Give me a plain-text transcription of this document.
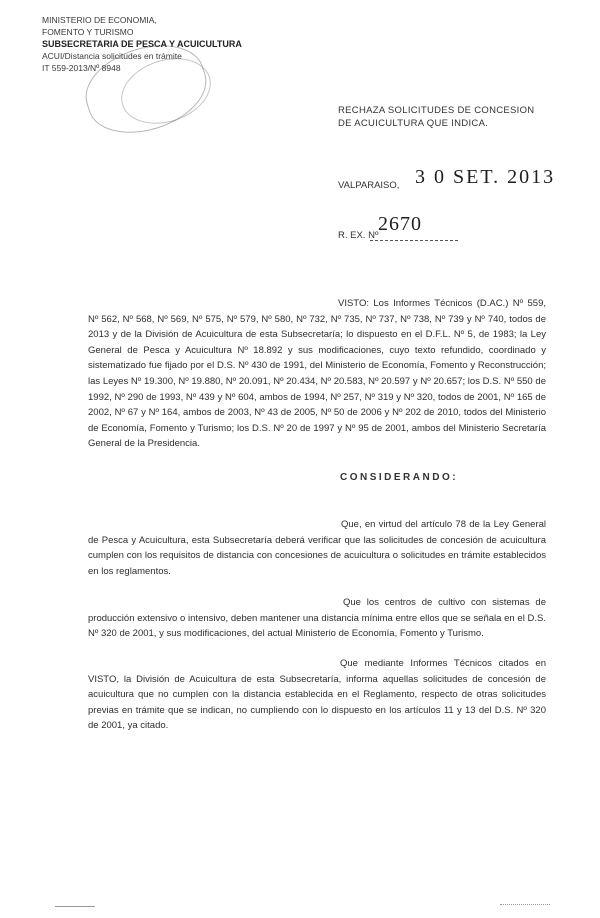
MINISTERIO DE ECONOMIA,
FOMENTO Y TURISMO
SUBSECRETARIA DE PESCA Y ACUICULTURA
ACUI/Distancia solicitudes en trámite
IT 559-2013/Nº 8948
RECHAZA SOLICITUDES DE CONCESION DE ACUICULTURA QUE INDICA.
VALPARAISO, 3 0 SET. 2013
R. EX. Nº
2670
VISTO: Los Informes Técnicos (D.AC.) Nº 559, Nº 562, Nº 568, Nº 569, Nº 575, Nº 579, Nº 580, Nº 732, Nº 735, Nº 737, Nº 738, Nº 739 y Nº 740, todos de 2013 y de la División de Acuicultura de esta Subsecretaría; lo dispuesto en el D.F.L. Nº 5, de 1983; la Ley General de Pesca y Acuicultura Nº 18.892 y sus modificaciones, cuyo texto refundido, coordinado y sistematizado fue fijado por el D.S. Nº 430 de 1991, del Ministerio de Economía, Fomento y Reconstrucción; las Leyes Nº 19.300, Nº 19.880, Nº 20.091, Nº 20.434, Nº 20.583, Nº 20.597 y Nº 20.657; los D.S. Nº 550 de 1992, Nº 290 de 1993, Nº 439 y Nº 604, ambos de 1994, Nº 257, Nº 319 y Nº 320, todos de 2001, Nº 165 de 2002, Nº 67 y Nº 164, ambos de 2003, Nº 43 de 2005, Nº 50 de 2006 y Nº 202 de 2010, todos del Ministerio de Economía, Fomento y Turismo; los D.S. Nº 20 de 1997 y Nº 95 de 2001, ambos del Ministerio Secretaría General de la Presidencia.
CONSIDERANDO:
Que, en virtud del artículo 78 de la Ley General de Pesca y Acuicultura, esta Subsecretaría deberá verificar que las solicitudes de concesión de acuicultura cumplen con los requisitos de distancia con concesiones de acuicultura o solicitudes en trámite establecidos en los reglamentos.
Que los centros de cultivo con sistemas de producción extensivo o intensivo, deben mantener una distancia mínima entre ellos que se señala en el D.S. Nº 320 de 2001, y sus modificaciones, del actual Ministerio de Economía, Fomento y Turismo.
Que mediante Informes Técnicos citados en VISTO, la División de Acuicultura de esta Subsecretaría, informa aquellas solicitudes de concesión de acuicultura que no cumplen con la distancia establecida en el Reglamento, respecto de otras solicitudes previas en trámite que se indican, no cumpliendo con lo dispuesto en los artículos 11 y 13 del D.S. Nº 320 de 2001, ya citado.
